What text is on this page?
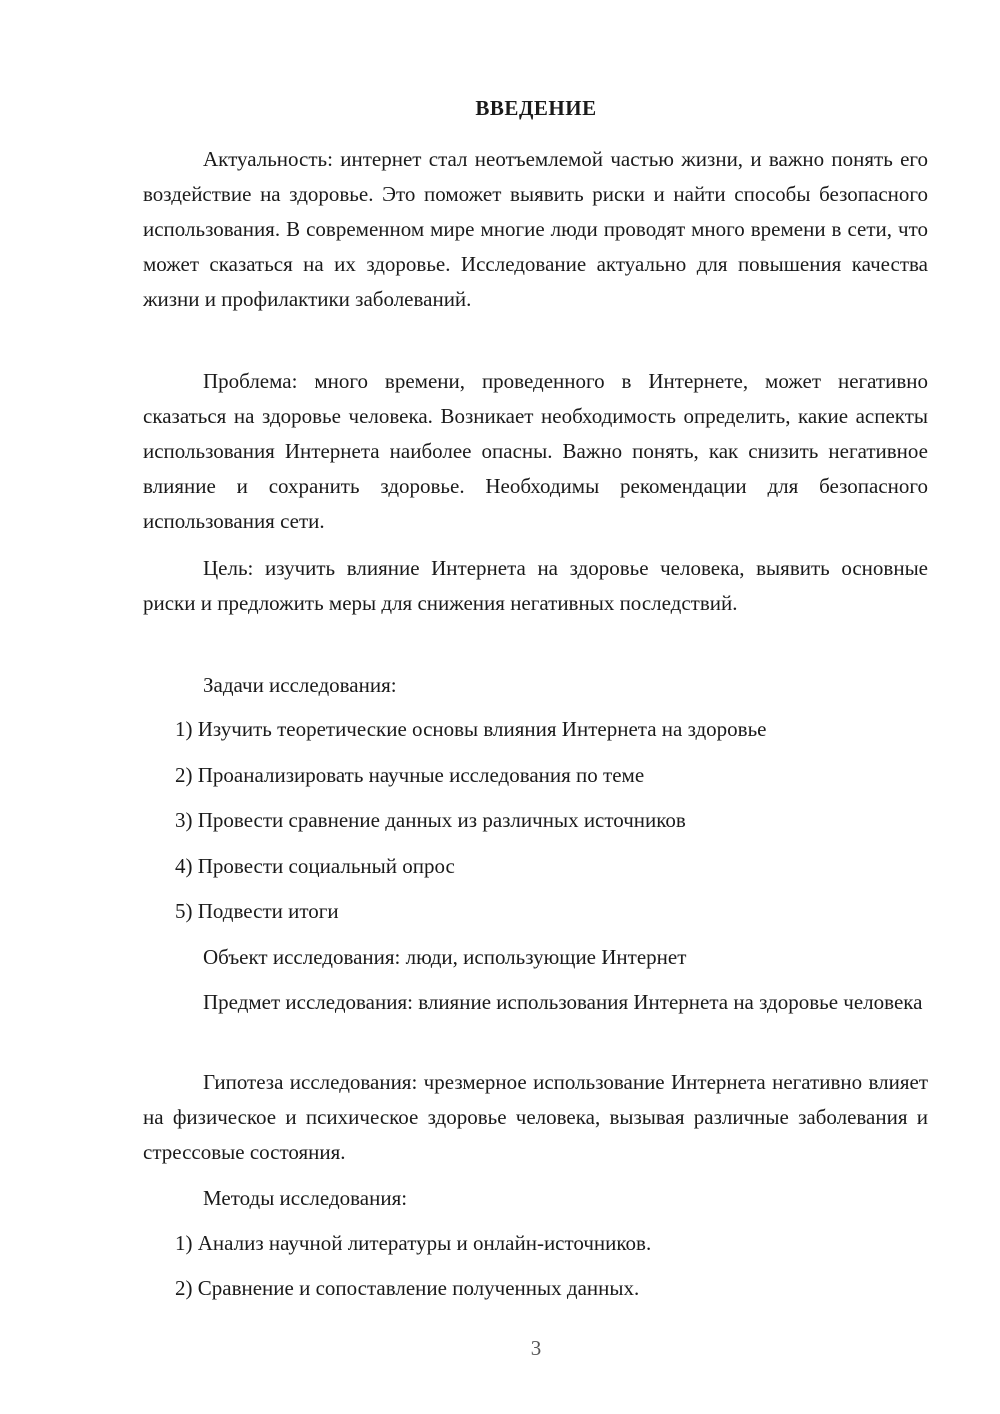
ВВЕДЕНИЕ

Актуальность: интернет стал неотъемлемой частью жизни, и важно понять его воздействие на здоровье. Это поможет выявить риски и найти способы безопасного использования. В современном мире многие люди проводят много времени в сети, что может сказаться на их здоровье. Исследование актуально для повышения качества жизни и профилактики заболеваний.

Проблема: много времени, проведенного в Интернете, может негативно сказаться на здоровье человека. Возникает необходимость определить, какие аспекты использования Интернета наиболее опасны. Важно понять, как снизить негативное влияние и сохранить здоровье. Необходимы рекомендации для безопасного использования сети.

Цель: изучить влияние Интернета на здоровье человека, выявить основные риски и предложить меры для снижения негативных последствий.

Задачи исследования:

1) Изучить теоретические основы влияния Интернета на здоровье

2) Проанализировать научные исследования по теме

3) Провести сравнение данных из различных источников

4) Провести социальный опрос

5) Подвести итоги

Объект исследования: люди, использующие Интернет

Предмет исследования: влияние использования Интернета на здоровье человека

Гипотеза исследования: чрезмерное использование Интернета негативно влияет на физическое и психическое здоровье человека, вызывая различные заболевания и стрессовые состояния.

Методы исследования:

1) Анализ научной литературы и онлайн-источников.

2) Сравнение и сопоставление полученных данных.

3
